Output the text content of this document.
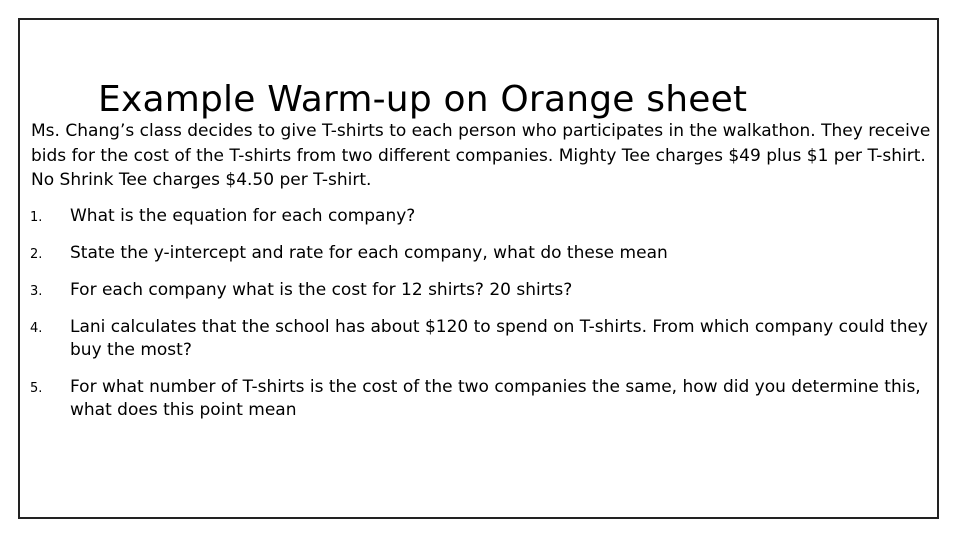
Example Warm-up on Orange sheet

Ms. Chang’s class decides to give T-shirts to each person who participates in the walkathon. They receive bids for the cost of the T-shirts from two different companies. Mighty Tee charges $49 plus $1 per T-shirt. No Shrink Tee charges $4.50 per T-shirt.

1. What is the equation for each company?
2. State the y-intercept and rate for each company, what do these mean
3. For each company what is the cost for 12 shirts? 20 shirts?
4. Lani calculates that the school has about $120 to spend on T-shirts. From which company could they buy the most?
5. For what number of T-shirts is the cost of the two companies the same, how did you determine this, what does this point mean
